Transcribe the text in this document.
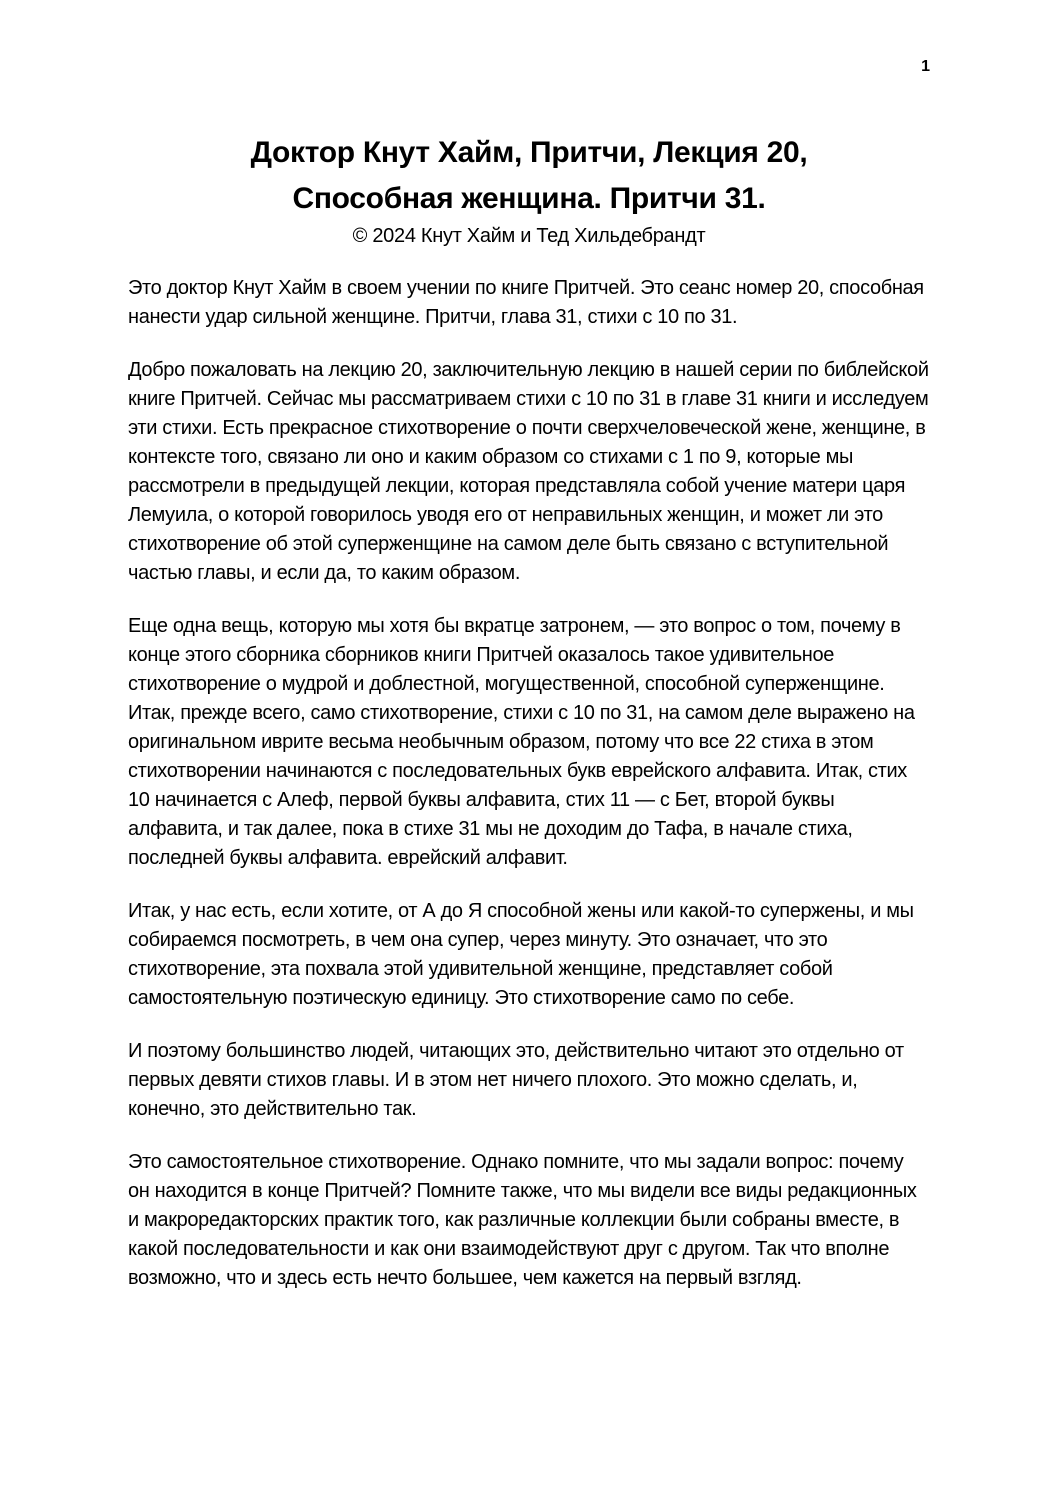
1
Доктор Кнут Хайм, Притчи, Лекция 20,
Способная женщина. Притчи 31.
© 2024 Кнут Хайм и Тед Хильдебрандт

Это доктор Кнут Хайм в своем учении по книге Притчей. Это сеанс номер 20, способная нанести удар сильной женщине. Притчи, глава 31, стихи с 10 по 31.

Добро пожаловать на лекцию 20, заключительную лекцию в нашей серии по библейской книге Притчей. Сейчас мы рассматриваем стихи с 10 по 31 в главе 31 книги и исследуем эти стихи. Есть прекрасное стихотворение о почти сверхчеловеческой жене, женщине, в контексте того, связано ли оно и каким образом со стихами с 1 по 9, которые мы рассмотрели в предыдущей лекции, которая представляла собой учение матери царя Лемуила, о которой говорилось уводя его от неправильных женщин, и может ли это стихотворение об этой суперженщине на самом деле быть связано с вступительной частью главы, и если да, то каким образом.

Еще одна вещь, которую мы хотя бы вкратце затронем, — это вопрос о том, почему в конце этого сборника сборников книги Притчей оказалось такое удивительное стихотворение о мудрой и доблестной, могущественной, способной суперженщине. Итак, прежде всего, само стихотворение, стихи с 10 по 31, на самом деле выражено на оригинальном иврите весьма необычным образом, потому что все 22 стиха в этом стихотворении начинаются с последовательных букв еврейского алфавита. Итак, стих 10 начинается с Алеф, первой буквы алфавита, стих 11 — с Бет, второй буквы алфавита, и так далее, пока в стихе 31 мы не доходим до Тафа, в начале стиха, последней буквы алфавита. еврейский алфавит.

Итак, у нас есть, если хотите, от А до Я способной жены или какой-то супержены, и мы собираемся посмотреть, в чем она супер, через минуту. Это означает, что это стихотворение, эта похвала этой удивительной женщине, представляет собой самостоятельную поэтическую единицу. Это стихотворение само по себе.

И поэтому большинство людей, читающих это, действительно читают это отдельно от первых девяти стихов главы. И в этом нет ничего плохого. Это можно сделать, и, конечно, это действительно так.

Это самостоятельное стихотворение. Однако помните, что мы задали вопрос: почему он находится в конце Притчей? Помните также, что мы видели все виды редакционных и макроредакторских практик того, как различные коллекции были собраны вместе, в какой последовательности и как они взаимодействуют друг с другом. Так что вполне возможно, что и здесь есть нечто большее, чем кажется на первый взгляд.
